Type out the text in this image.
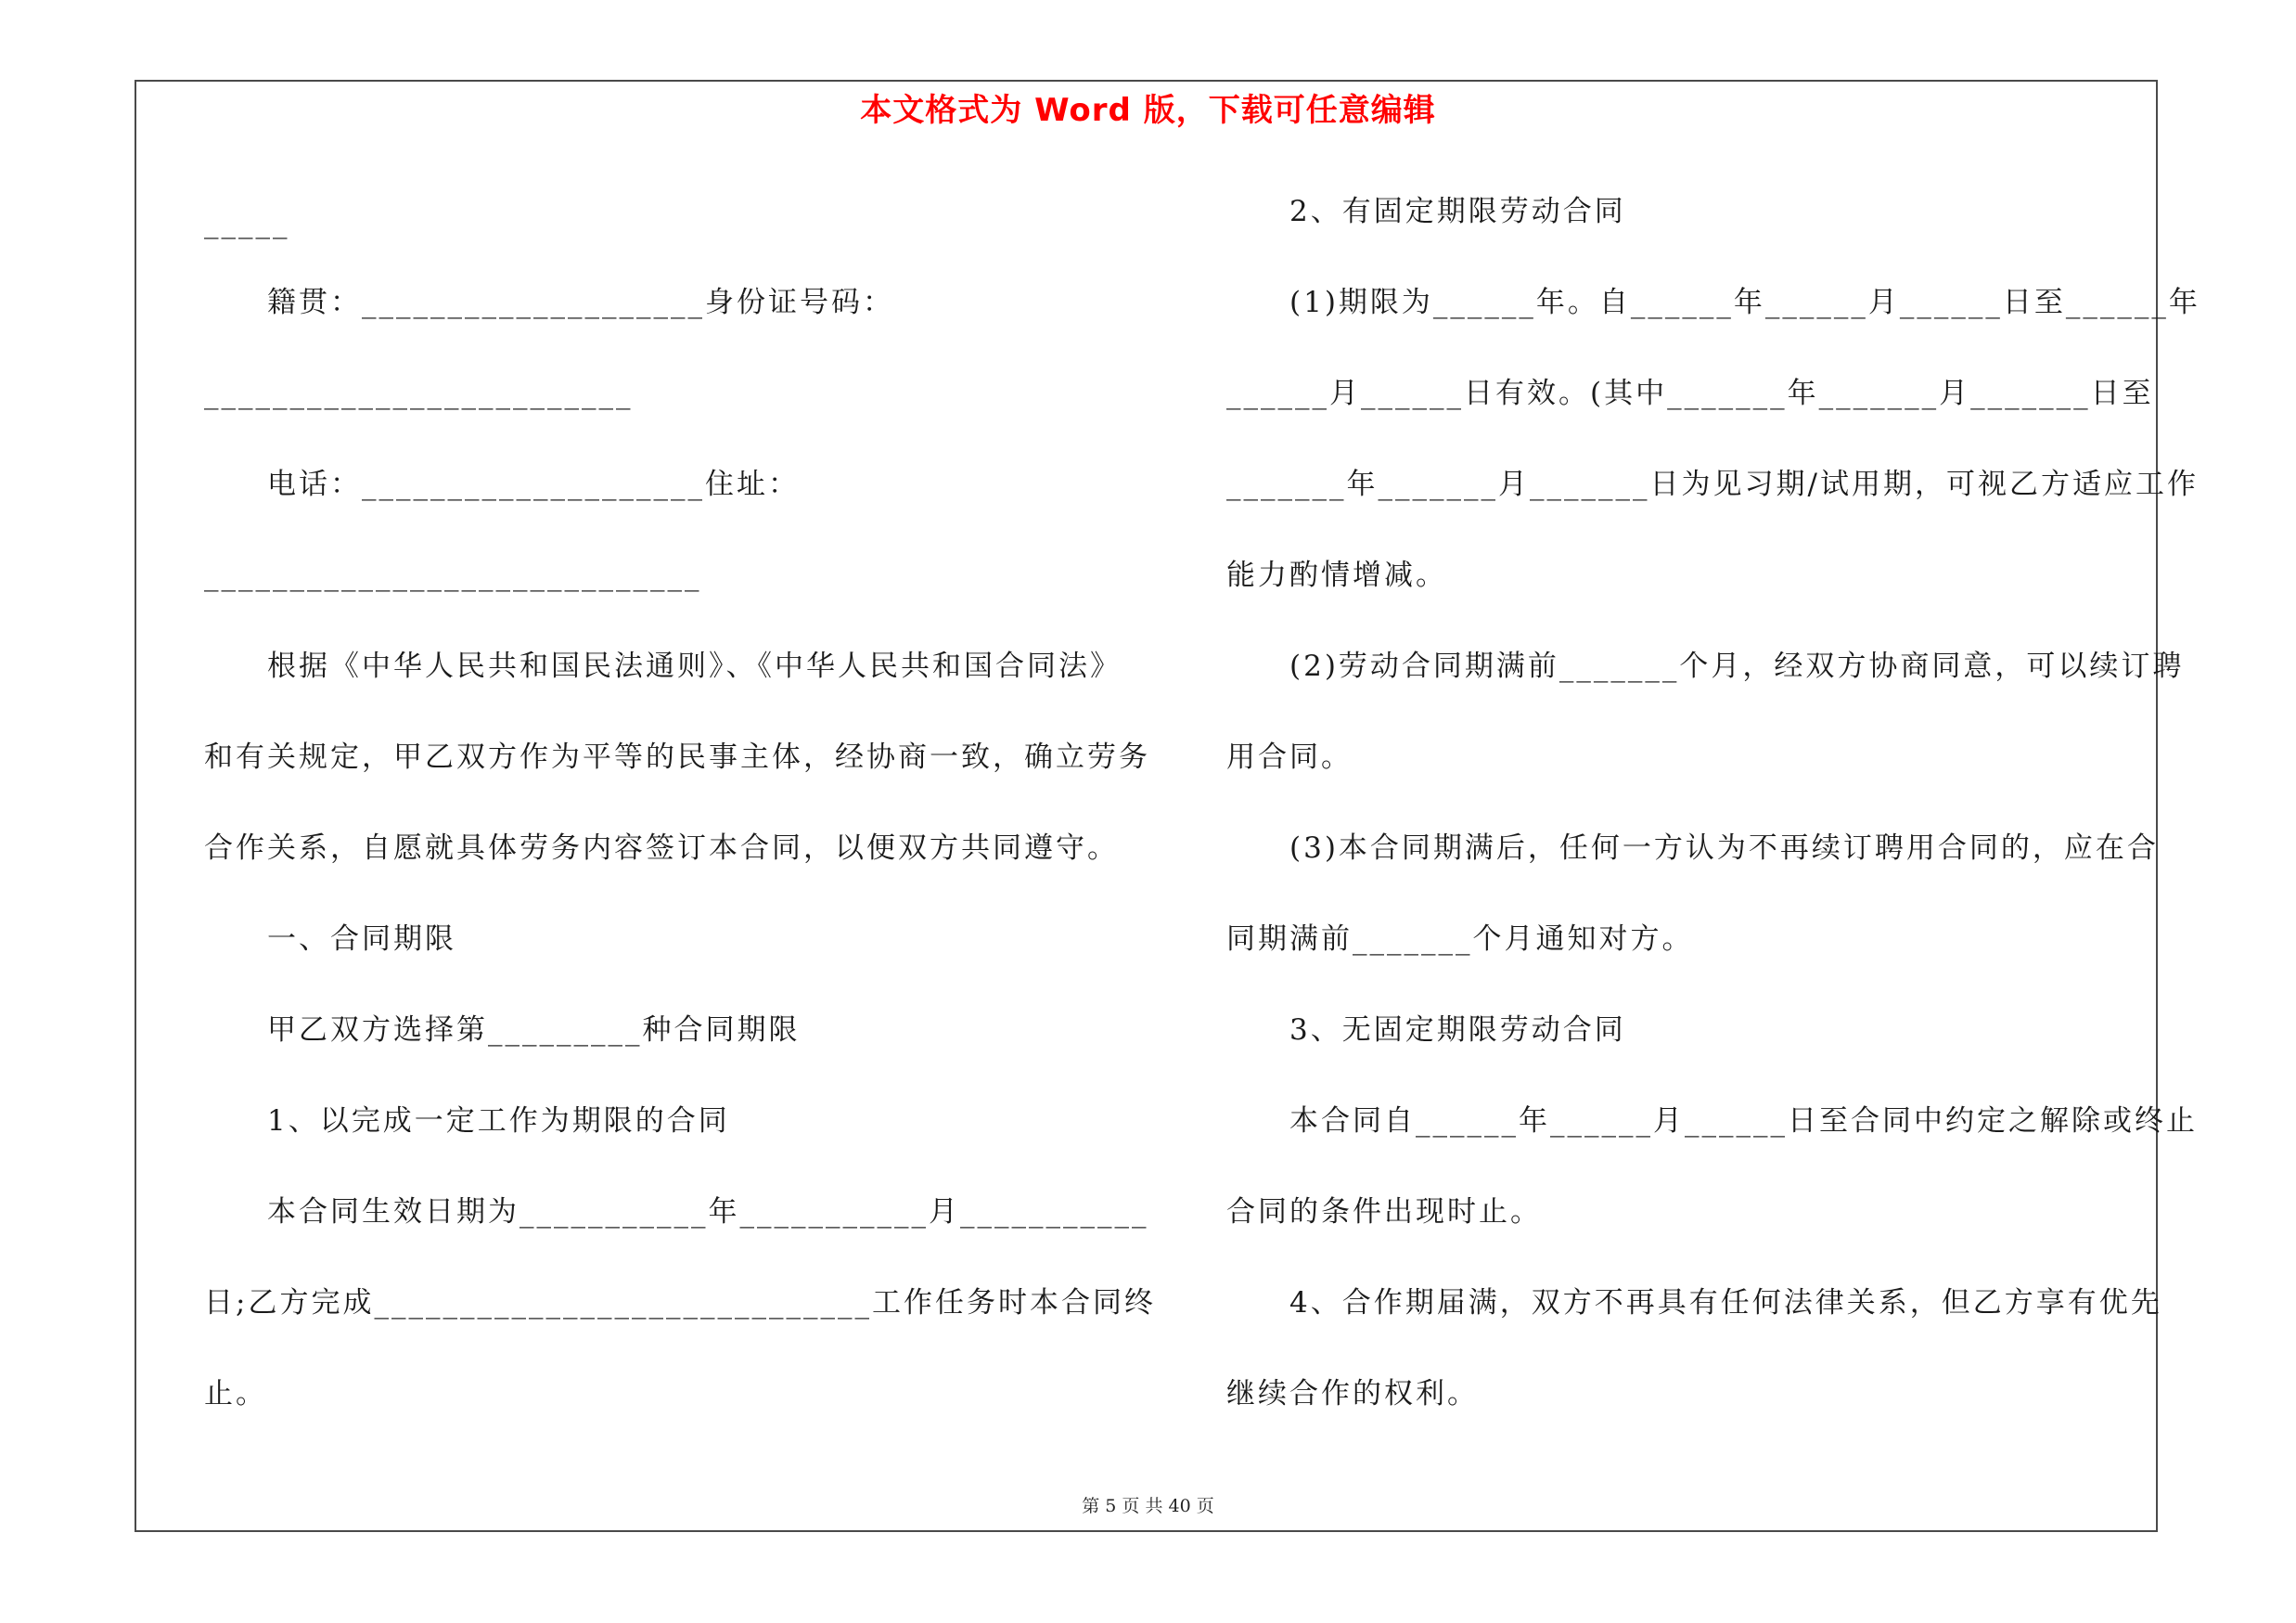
本文格式为 Word 版，下载可任意编辑
_____
籍贯：____________________身份证号码：
_________________________
电话：____________________住址：
_____________________________
根据《中华人民共和国民法通则》、《中华人民共和国合同法》
和有关规定，甲乙双方作为平等的民事主体，经协商一致，确立劳务
合作关系，自愿就具体劳务内容签订本合同，以便双方共同遵守。
一、合同期限
甲乙双方选择第_________种合同期限
1、以完成一定工作为期限的合同
本合同生效日期为___________年___________月___________
日;乙方完成_____________________________工作任务时本合同终
止。
2、有固定期限劳动合同
(1)期限为______年。自______年______月______日至______年
______月______日有效。(其中_______年_______月_______日至
_______年_______月_______日为见习期/试用期，可视乙方适应工作
能力酌情增减。
(2)劳动合同期满前_______个月，经双方协商同意，可以续订聘
用合同。
(3)本合同期满后，任何一方认为不再续订聘用合同的，应在合
同期满前_______个月通知对方。
3、无固定期限劳动合同
本合同自______年______月______日至合同中约定之解除或终止
合同的条件出现时止。
4、合作期届满，双方不再具有任何法律关系，但乙方享有优先
继续合作的权利。
第 5 页 共 40 页
